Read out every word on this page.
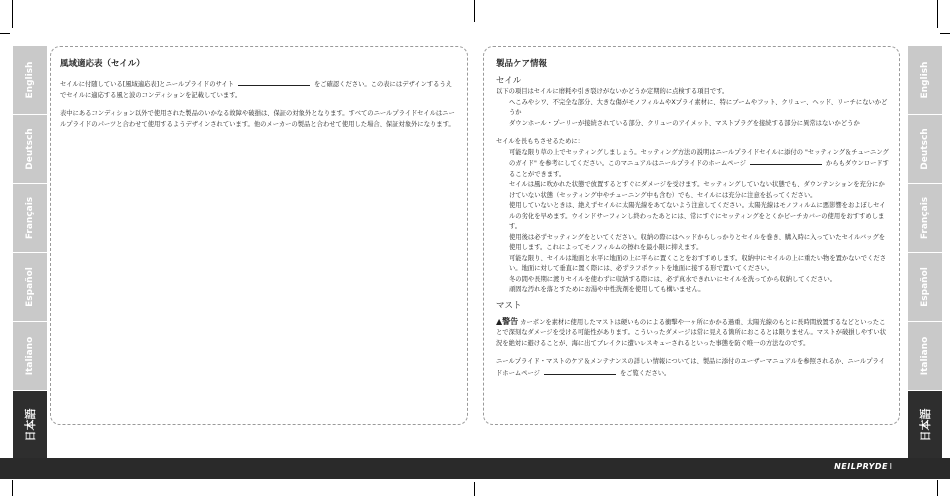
English
Deutsch
Français
Español
Italiano
日本語
English
Deutsch
Français
Español
Italiano
日本語
風域適応表（セイル）

セイルに付随している[風域適応表]とニールプライドのサイト	をご確認ください。この表にはデザインするうえでセイルに適応する風と波のコンディションを記載しています。

表中にあるコンディション以外で使用された製品のいかなる故障や破損は、保証の対象外となります。すべてのニールプライドセイルはニールプライドのパーツと合わせて使用するようデザインされています。他のメーカーの製品と合わせて使用した場合、保証対象外になります。

製品ケア情報
セイル
以下の項目はセイルに磨耗や引き裂けがないかどうか定期的に点検する項目です。
へこみやシワ、不完全な部分、大きな傷がモノフィルムやXプライ素材に、特にブームやフット、クリュー、ヘッド、リーチにないかどうか
ダウンホール・プーリーが接続されている部分、クリューのアイメット、マストプラグを接続する部分に異常はないかどうか
セイルを長もちさせるために：
可能な限り草の上でセッティングしましょう。セッティング方法の説明はニールプライドセイルに添付の "セッティング＆チューニングのガイド" を参考にしてください。このマニュアルはニールプライドのホームページ	からもダウンロードすることができます。
セイルは風に吹かれた状態で放置するとすぐにダメージを受けます。セッティングしていない状態でも、ダウンテンションを充分にかけていない状態（セッティング中やチューニング中も含む）でも、セイルには充分に注意を払ってください。
使用していないときは、絶えずセイルに太陽光線をあてないよう注意してください。太陽光線はモノフィルムに悪影響をおよぼしセイルの劣化を早めます。ウインドサーフィンし終わったあとには、常にすぐにセッティングをとくかビーチカバーの使用をおすすめします。
使用後は必ずセッティングをといてください。収納の際にはヘッドからしっかりとセイルを巻き、購入時に入っていたセイルバッグを使用します。これによってモノフィルムの擦れを最小限に抑えます。
可能な限り、セイルは地面と水平に地面の上に平らに置くことをおすすめします。収納中にセイルの上に重たい物を置かないでください。地面に対して垂直に置く際には、必ずラフポケットを地面に接する形で置いてください。
冬の間や長期に渡りセイルを使わずに収納する際には、必ず真水できれいにセイルを洗ってから収納してください。
頑固な汚れを落とすためにお湯や中性洗剤を使用しても構いません。
マスト

▲警告 カーボンを素材に使用したマストは硬いものによる衝撃や一ヶ所にかかる過重、太陽光線のもとに長時間放置するなどといったことで深刻なダメージを受ける可能性があります。こういったダメージは常に見える箇所におこるとは限りません。マストが破損しやすい状況を絶対に避けることが、海に出てブレイクに遭いレスキューされるといった事態を防ぐ唯一の方法なのです。

ニールプライド・マストのケア＆メンテナンスの詳しい情報については、製品に添付のユーザーマニュアルを参照されるか、ニールプライドホームページ	をご覧ください。

NEILPRYDE I
